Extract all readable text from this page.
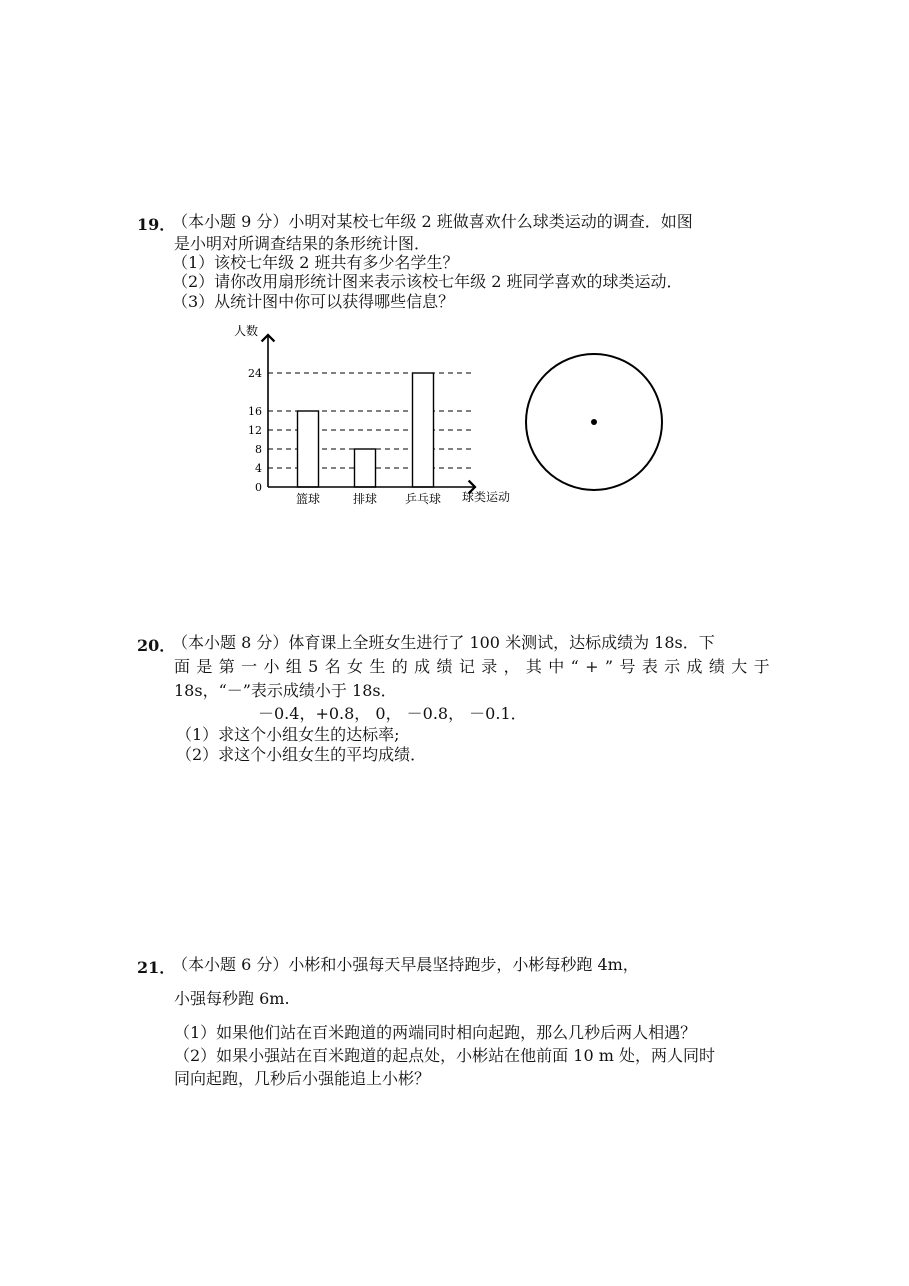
19．
（本小题 9 分）小明对某校七年级 2 班做喜欢什么球类运动的调查．如图
是小明对所调查结果的条形统计图．
（1）该校七年级 2 班共有多少名学生？
（2）请你改用扇形统计图来表示该校七年级 2 班同学喜欢的球类运动．
（3）从统计图中你可以获得哪些信息？
0
4
8
12
16
24
篮球	排球 乒乓球
人数
球类运动
20．
（本小题 8 分）体育课上全班女生进行了 100 米测试，达标成绩为 18s．下
面 是 第 一 小 组 5 名 女 生 的 成 绩 记 录 ， 其 中 “ + ” 号 表 示 成 绩 大 于
18s，“－”表示成绩小于 18s．
－0.4，+0.8， 0， －0.8， －0.1．
（1）求这个小组女生的达标率;
（2）求这个小组女生的平均成绩．
21．
（本小题 6 分）小彬和小强每天早晨坚持跑步，小彬每秒跑 4m，
小强每秒跑 6m.
（1）如果他们站在百米跑道的两端同时相向起跑，那么几秒后两人相遇？
（2）如果小强站在百米跑道的起点处，小彬站在他前面 10 m 处，两人同时
同向起跑，几秒后小强能追上小彬？
